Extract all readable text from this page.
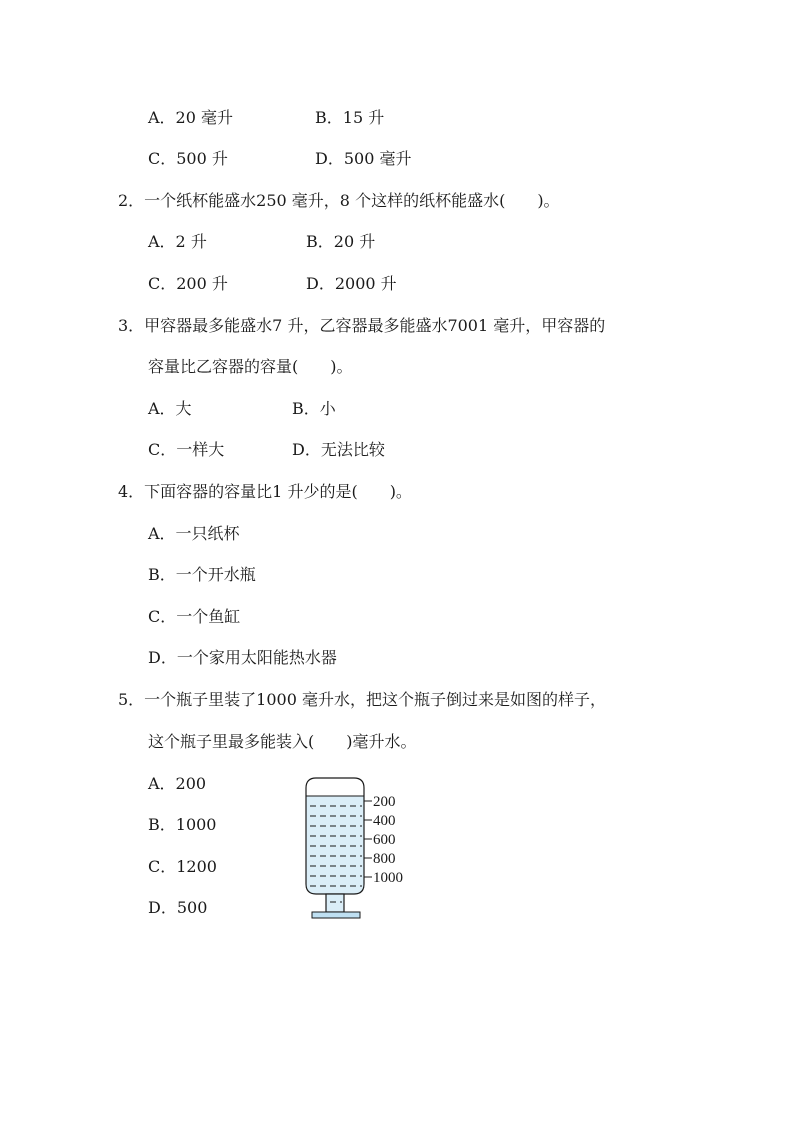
A．20 毫升	B．15 升
C．500 升	D．500 毫升
2．一个纸杯能盛水250 毫升，8 个这样的纸杯能盛水(　　)。
A．2 升	B．20 升
C．200 升	D．2000 升
3．甲容器最多能盛水7 升，乙容器最多能盛水7001 毫升，甲容器的
容量比乙容器的容量(　　)。
A．大	B．小
C．一样大	D．无法比较
4．下面容器的容量比1 升少的是(　　)。
A．一只纸杯
B．一个开水瓶
C．一个鱼缸
D．一个家用太阳能热水器
5．一个瓶子里装了1000 毫升水，把这个瓶子倒过来是如图的样子，
这个瓶子里最多能装入(　　)毫升水。
A．200
B．1000
C．1200
D．500
200
400
600
800
1000
